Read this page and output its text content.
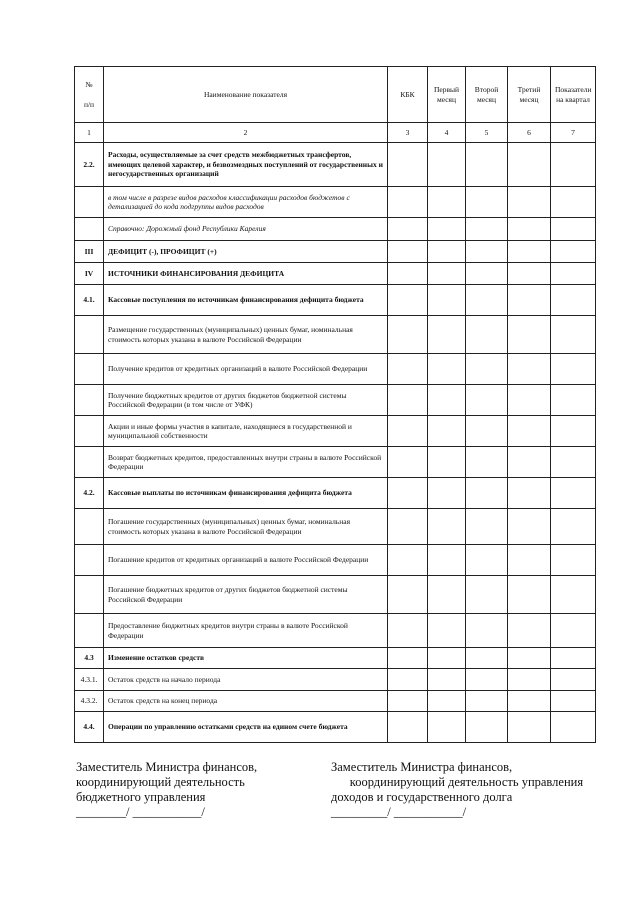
№
п/п	Наименование показателя	КБК	Первый месяц	Второй месяц	Третий месяц	Показатели на квартал
1	2	3	4	5	6	7
2.2.	Расходы, осуществляемые за счет средств межбюджетных трансфертов, имеющих целевой характер, и безвозмездных поступлений от государственных и негосударственных организаций					
	в том числе в разрезе видов расходов классификации расходов бюджетов с детализацией до кода подгруппы видов расходов					
	Справочно: Дорожный фонд Республики Карелия					
III	ДЕФИЦИТ (-), ПРОФИЦИТ (+)					
IV	ИСТОЧНИКИ ФИНАНСИРОВАНИЯ ДЕФИЦИТА					
4.1.	Кассовые поступления по источникам финансирования дефицита бюджета					
	Размещение государственных (муниципальных) ценных бумаг, номинальная стоимость которых указана в валюте Российской Федерации					
	Получение кредитов от кредитных организаций в валюте Российской Федерации					
	Получение бюджетных кредитов от других бюджетов бюджетной системы Российской Федерации (в том числе от УФК)					
	Акции и иные формы участия в капитале, находящиеся в государственной и муниципальной собственности					
	Возврат бюджетных кредитов, предоставленных внутри страны в валюте Российской Федерации					
4.2.	Кассовые выплаты по источникам финансирования дефицита бюджета					
	Погашение государственных (муниципальных) ценных бумаг, номинальная стоимость которых указана в валюте Российской Федерации					
	Погашение кредитов от кредитных организаций в валюте Российской Федерации					
	Погашение бюджетных кредитов от других бюджетов бюджетной системы Российской Федерации					
	Предоставление бюджетных кредитов внутри страны в валюте Российской Федерации					
4.3	Изменение остатков средств					
4.3.1.	Остаток средств на начало периода					
4.3.2.	Остаток средств на конец периода					
4.4.	Операции по управлению остатками средств на едином счете бюджета					
Заместитель Министра финансов,
координирующий деятельность
бюджетного управления
________/ ___________/
Заместитель Министра финансов,
координирующий деятельность управления
доходов и государственного долга
_________/ ___________/
